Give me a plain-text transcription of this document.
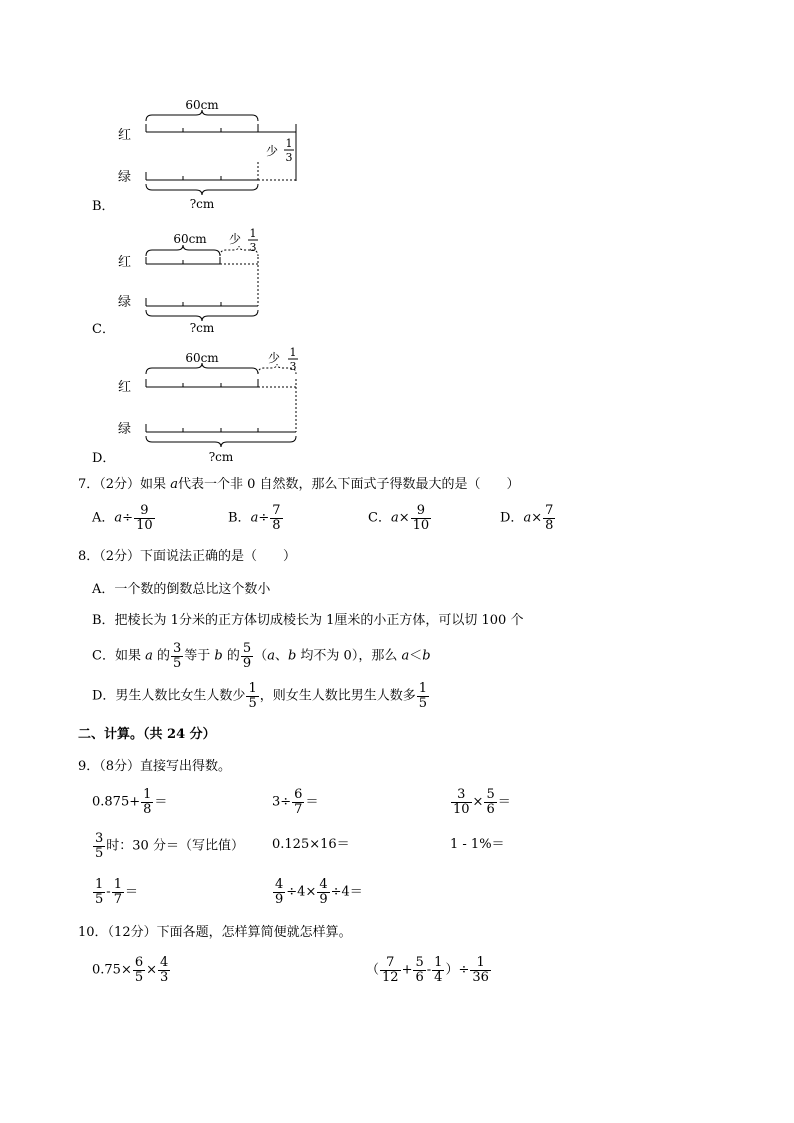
60cm
红
少
1
3
绿
?cm
B．
60cm 少 1
3
红
绿
?cm
C．
60cm	少 1
3
红
绿
?cm
D．
7．（2分）如果 a代表一个非 0 自然数，那么下面式子得数最大的是（　　）
A．$a\div \frac{9}{10}$	B．$a\div \frac{7}{8}$	C．$a\times \frac{9}{10}$	D．$a\times \frac{7}{8}$
8．（2分）下面说法正确的是（　　）
A．一个数的倒数总比这个数小
B．把棱长为 1分米的正方体切成棱长为 1厘米的小正方体，可以切 100 个
C．如果 a 的 $\frac{3}{5}$ 等于 b 的 $\frac{5}{9} (a$、b 均不为 0），那么 a＜b
D．男生人数比女生人数少 $\frac{1}{5}$ ，则女生人数比男生人数多 $\frac{1}{5}$
二、计算。（共 24 分）
9．（8分）直接写出得数。
$0.875+ \frac{1}{8}$ ＝	$3\div \frac{6}{7}$ ＝	$\frac{3}{10} \times \frac{5}{6}$ ＝
$\frac{3}{5}$ 时：30 分＝（写比值） 0.125×16＝	1 - 1%＝
$\frac{1}{5} - \frac{1}{7}$ ＝	$\frac{4}{9} \div 4\times \frac{4}{9} \div 4=$
10．（12分）下面各题，怎样算简便就怎样算。
$0.75\times \frac{6}{5} \times \frac{4}{3}$	（ $\frac{7}{12} + \frac{5}{6} - \frac{1}{4}$ ）÷ $\frac{1}{36}$
